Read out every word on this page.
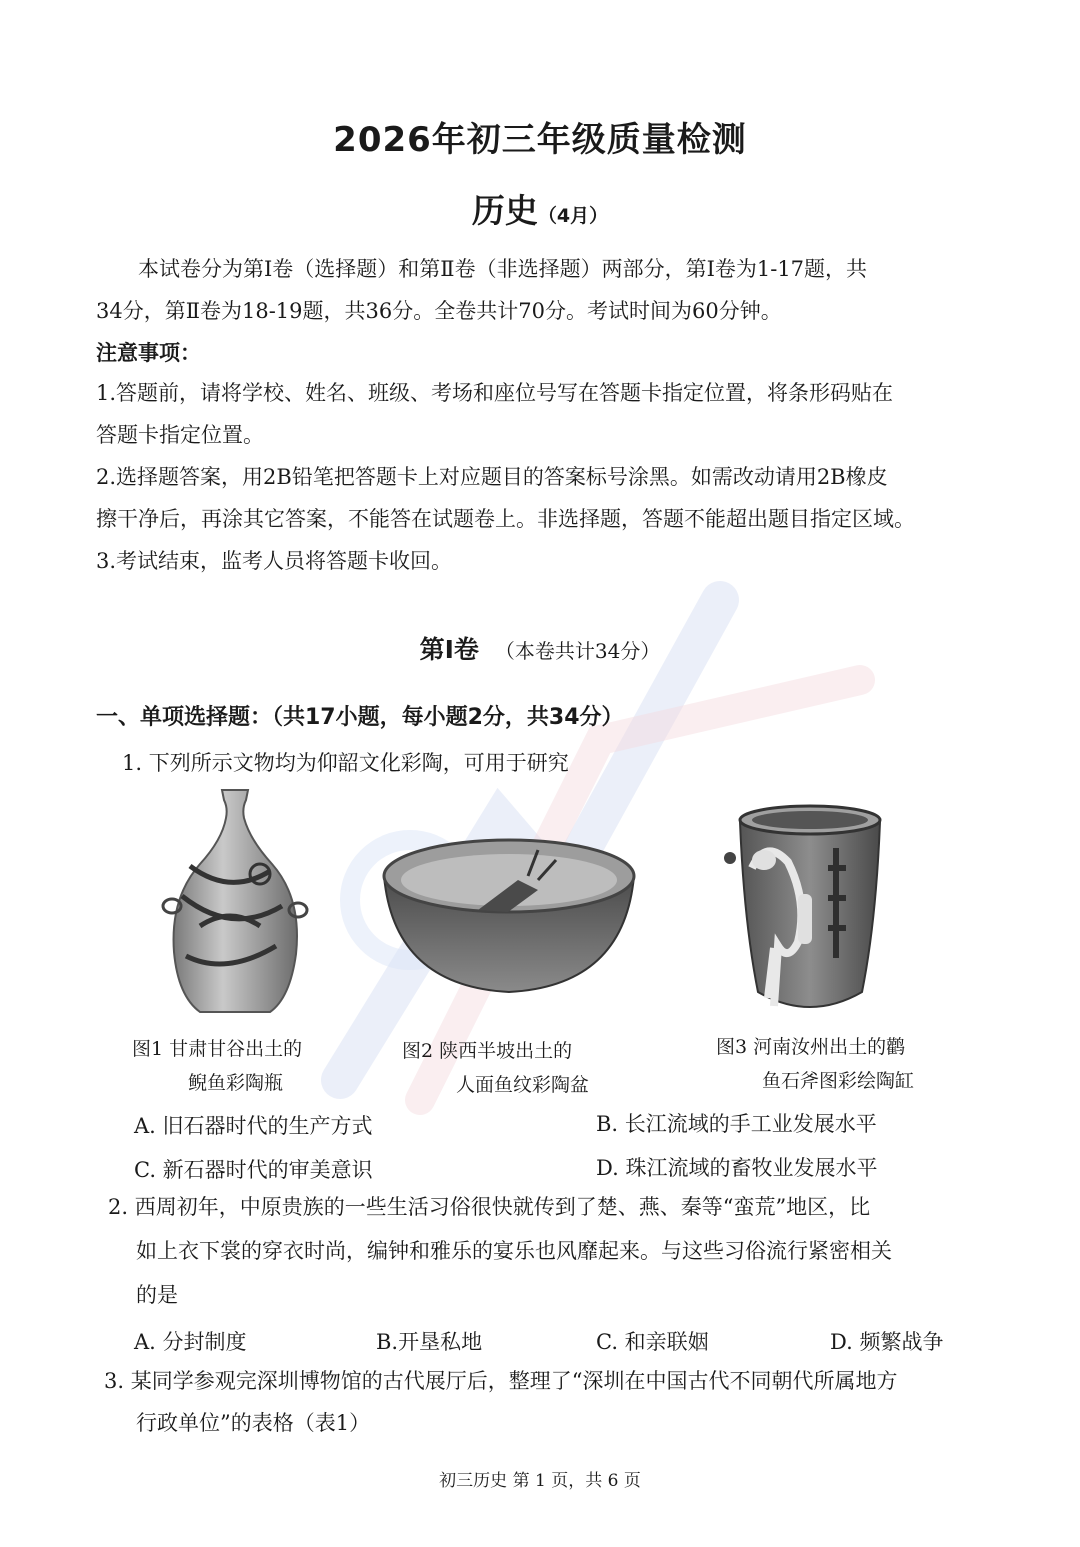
2026年初三年级质量检测
历史（4月）
本试卷分为第Ⅰ卷（选择题）和第Ⅱ卷（非选择题）两部分，第Ⅰ卷为1-17题，共
34分，第Ⅱ卷为18-19题，共36分。全卷共计70分。考试时间为60分钟。
注意事项：
1.答题前，请将学校、姓名、班级、考场和座位号写在答题卡指定位置，将条形码贴在
答题卡指定位置。
2.选择题答案，用2B铅笔把答题卡上对应题目的答案标号涂黑。如需改动请用2B橡皮
擦干净后，再涂其它答案，不能答在试题卷上。非选择题，答题不能超出题目指定区域。
3.考试结束，监考人员将答题卡收回。
第Ⅰ卷 （本卷共计34分）
一、单项选择题：（共17小题，每小题2分，共34分）
1. 下列所示文物均为仰韶文化彩陶，可用于研究
图1 甘肃甘谷出土的
鲵鱼彩陶瓶
图2 陕西半坡出土的
人面鱼纹彩陶盆
图3 河南汝州出土的鹳
鱼石斧图彩绘陶缸
A. 旧石器时代的生产方式	B. 长江流域的手工业发展水平
C. 新石器时代的审美意识	D. 珠江流域的畜牧业发展水平
2. 西周初年，中原贵族的一些生活习俗很快就传到了楚、燕、秦等“蛮荒”地区，比
如上衣下裳的穿衣时尚，编钟和雅乐的宴乐也风靡起来。与这些习俗流行紧密相关
的是
A. 分封制度	B.开垦私地	C. 和亲联姻	D. 频繁战争
3. 某同学参观完深圳博物馆的古代展厅后，整理了“深圳在中国古代不同朝代所属地方
行政单位”的表格（表1）
初三历史 第 1 页，共 6 页
